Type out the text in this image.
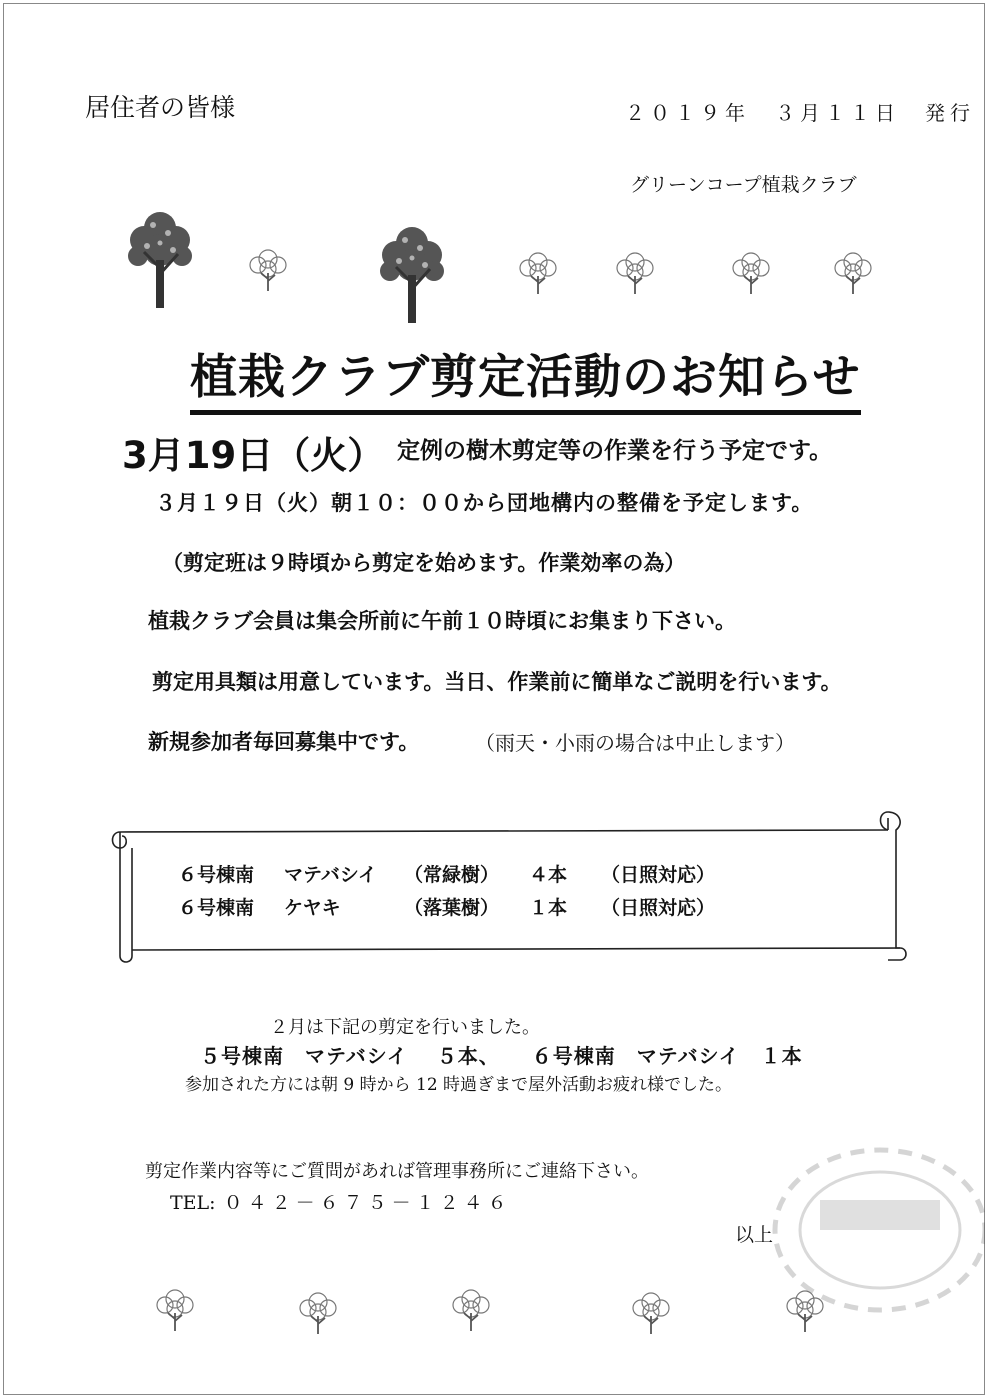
居住者の皆様	２０１９年　３月１１日　発行
グリーンコープ植栽クラブ
植栽クラブ剪定活動のお知らせ
3月19日（火） 定例の樹木剪定等の作業を行う予定です。
３月１９日（火）朝１０：００から団地構内の整備を予定します。
（剪定班は９時頃から剪定を始めます。作業効率の為）
植栽クラブ会員は集会所前に午前１０時頃にお集まり下さい。
剪定用具類は用意しています。当日、作業前に簡単なご説明を行います。
新規参加者毎回募集中です。	（雨天・小雨の場合は中止します）
６号棟南 マテバシイ （常緑樹） ４本 （日照対応）
６号棟南 ケヤキ	（落葉樹） １本 （日照対応）
２月は下記の剪定を行いました。
５号棟南　マテバシイ　 ５本、　　６号棟南　マテバシイ　１本
参加された方には朝 9 時から 12 時過ぎまで屋外活動お疲れ様でした。
剪定作業内容等にご質問があれば管理事務所にご連絡下さい。
TEL: ０４２－６７５－１２４６
以上
